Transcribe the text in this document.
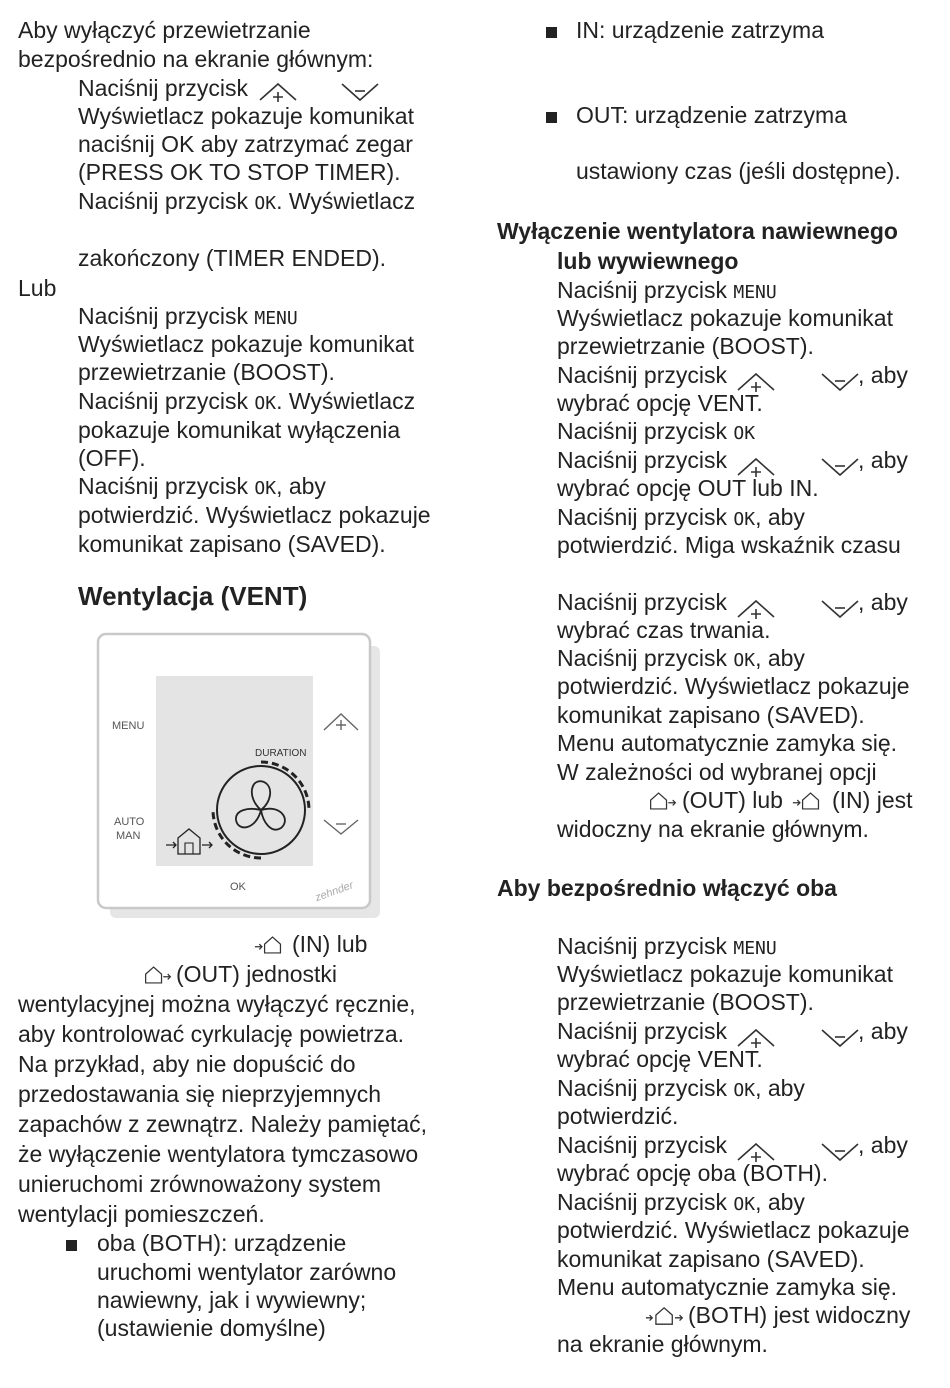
Aby wyłączyć przewietrzanie
bezpośrednio na ekranie głównym:
Naciśnij przycisk
Wyświetlacz pokazuje komunikat
naciśnij OK aby zatrzymać zegar
(PRESS OK TO STOP TIMER).
Naciśnij przycisk OK. Wyświetlacz
zakończony (TIMER ENDED).
Lub
Naciśnij przycisk MENU
Wyświetlacz pokazuje komunikat
przewietrzanie (BOOST).
Naciśnij przycisk OK. Wyświetlacz
pokazuje komunikat wyłączenia
(OFF).
Naciśnij przycisk OK, aby
potwierdzić. Wyświetlacz pokazuje
komunikat zapisano (SAVED).
Wentylacja (VENT)
MENU
AUTO
MAN
DURATION
OK	zehnder
(IN) lub
(OUT) jednostki
wentylacyjnej można wyłączyć ręcznie,
aby kontrolować cyrkulację powietrza.
Na przykład, aby nie dopuścić do
przedostawania się nieprzyjemnych
zapachów z zewnątrz. Należy pamiętać,
że wyłączenie wentylatora tymczasowo
unieruchomi zrównoważony system
wentylacji pomieszczeń.
oba (BOTH): urządzenie
uruchomi wentylator zarówno
nawiewny, jak i wywiewny;
(ustawienie domyślne)
IN: urządzenie zatrzyma
OUT: urządzenie zatrzyma
ustawiony czas (jeśli dostępne).
Wyłączenie wentylatora nawiewnego
lub wywiewnego
Naciśnij przycisk MENU
Wyświetlacz pokazuje komunikat
przewietrzanie (BOOST).
Naciśnij przycisk	, aby
wybrać opcję VENT.
Naciśnij przycisk OK
Naciśnij przycisk	, aby
wybrać opcję OUT lub IN.
Naciśnij przycisk OK, aby
potwierdzić. Miga wskaźnik czasu
Naciśnij przycisk	, aby
wybrać czas trwania.
Naciśnij przycisk OK, aby
potwierdzić. Wyświetlacz pokazuje
komunikat zapisano (SAVED).
Menu automatycznie zamyka się.
W zależności od wybranej opcji
(OUT) lub (IN) jest
widoczny na ekranie głównym.
Aby bezpośrednio włączyć oba
Naciśnij przycisk MENU
Wyświetlacz pokazuje komunikat
przewietrzanie (BOOST).
Naciśnij przycisk	, aby
wybrać opcję VENT.
Naciśnij przycisk OK, aby
potwierdzić.
Naciśnij przycisk	, aby
wybrać opcję oba (BOTH).
Naciśnij przycisk OK, aby
potwierdzić. Wyświetlacz pokazuje
komunikat zapisano (SAVED).
Menu automatycznie zamyka się.
(BOTH) jest widoczny
na ekranie głównym.
